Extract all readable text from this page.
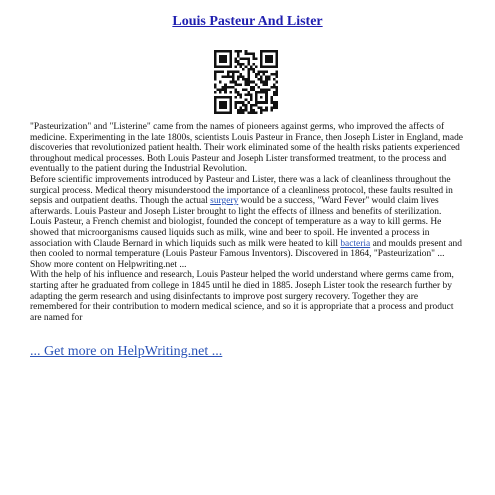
Louis Pasteur And Lister

"Pasteurization" and "Listerine" came from the names of pioneers against germs, who improved the affects of medicine. Experimenting in the late 1800s, scientists Louis Pasteur in France, then Joseph Lister in England, made discoveries that revolutionized patient health. Their work eliminated some of the health risks patients experienced throughout medical processes. Both Louis Pasteur and Joseph Lister transformed treatment, to the process and eventually to the patient during the Industrial Revolution.

Before scientific improvements introduced by Pasteur and Lister, there was a lack of cleanliness throughout the surgical process. Medical theory misunderstood the importance of a cleanliness protocol, these faults resulted in sepsis and outpatient deaths. Though the actual surgery would be a success, "Ward Fever" would claim lives afterwards. Louis Pasteur and Joseph Lister brought to light the effects of illness and benefits of sterilization.

Louis Pasteur, a French chemist and biologist, founded the concept of temperature as a way to kill germs. He showed that microorganisms caused liquids such as milk, wine and beer to spoil. He invented a process in association with Claude Bernard in which liquids such as milk were heated to kill bacteria and moulds present and then cooled to normal temperature (Louis Pasteur Famous Inventors). Discovered in 1864, "Pasteurization" ... Show more content on Helpwriting.net ...

With the help of his influence and research, Louis Pasteur helped the world understand where germs came from, starting after he graduated from college in 1845 until he died in 1885. Joseph Lister took the research further by adapting the germ research and using disinfectants to improve post surgery recovery. Together they are remembered for their contribution to modern medical science, and so it is appropriate that a process and product are named for

... Get more on HelpWriting.net ...
